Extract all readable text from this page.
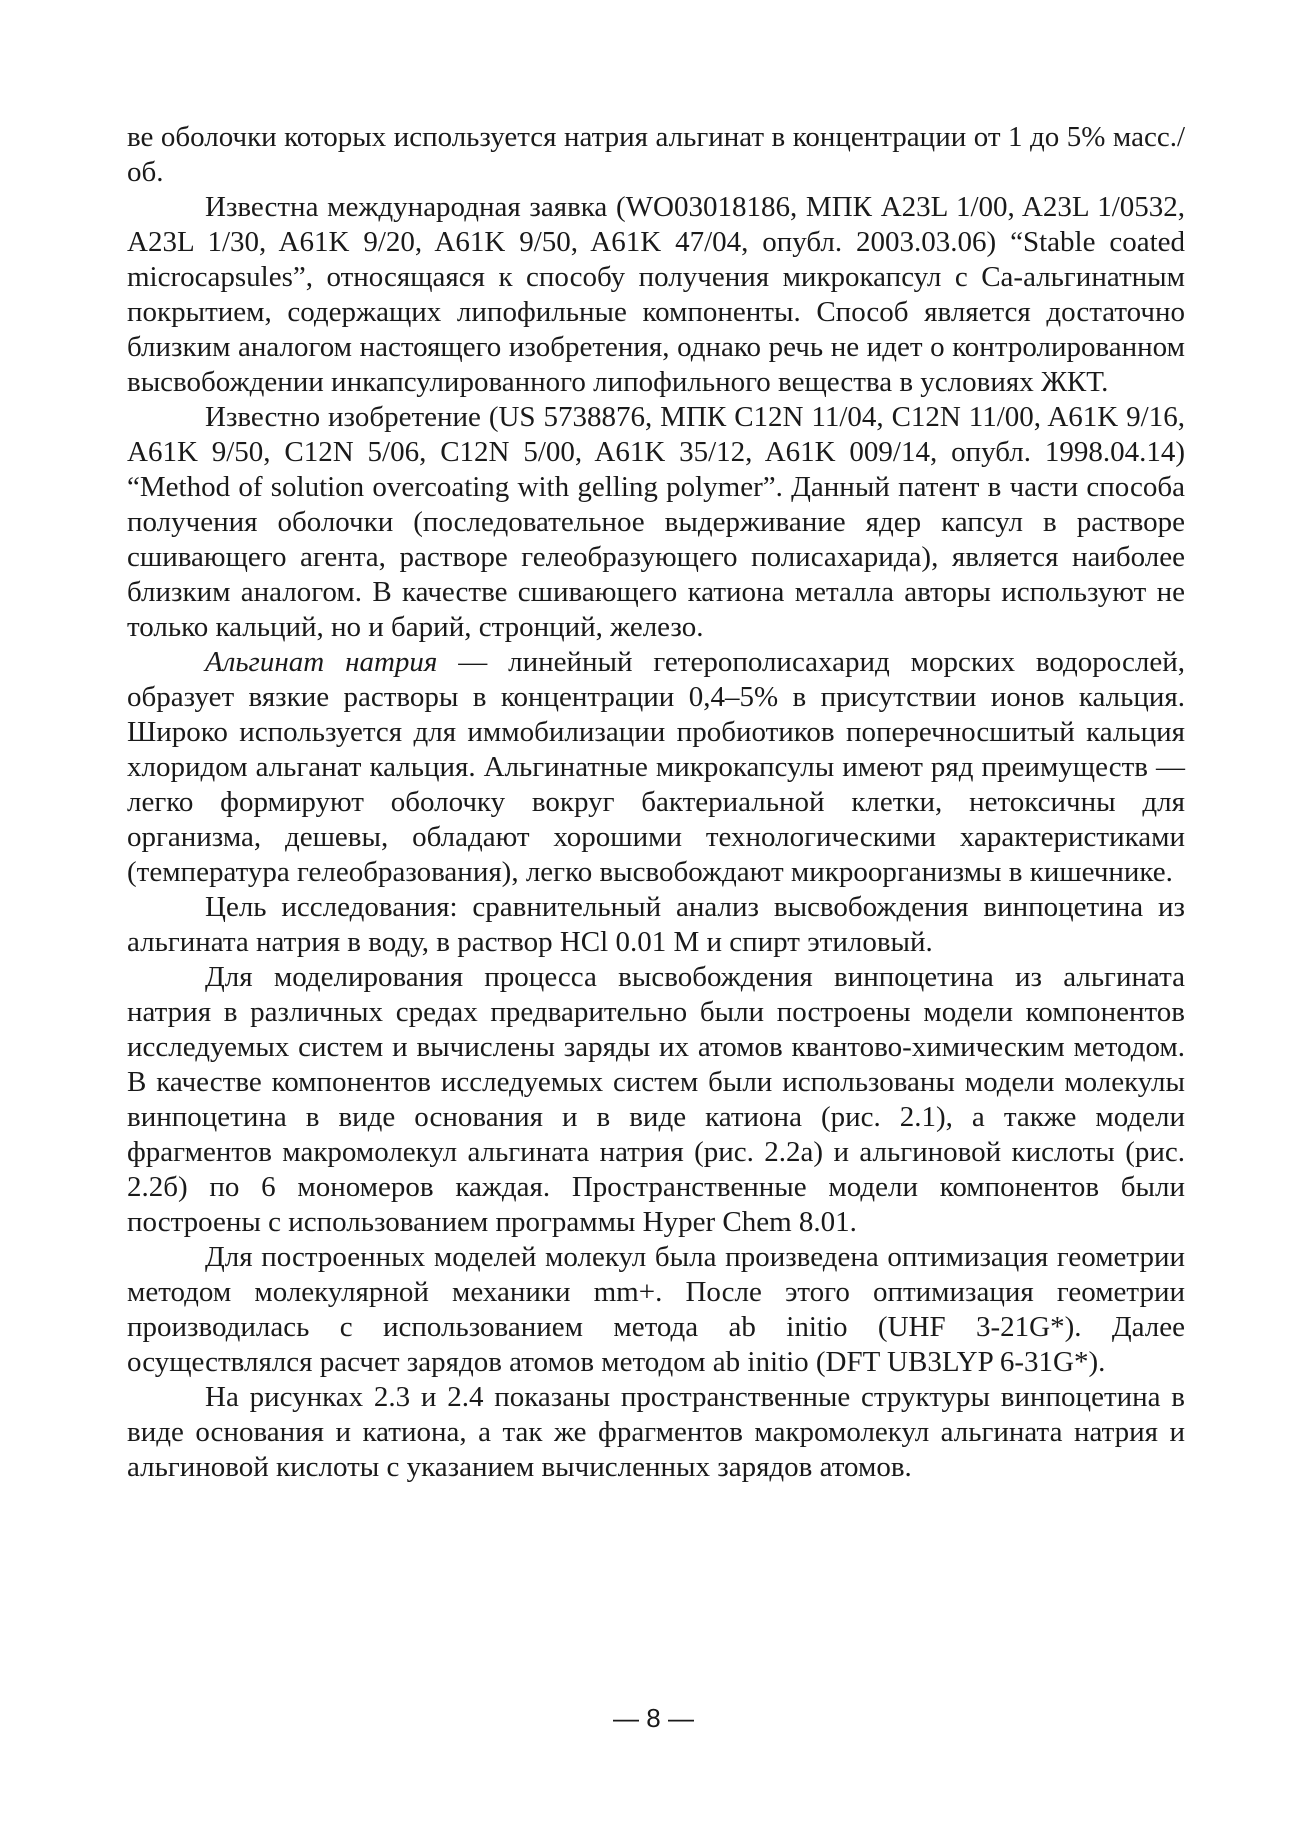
ве оболочки которых используется натрия альгинат в концентрации от 1 до 5% масс./об.

Известна международная заявка (WO03018186, МПК A23L 1/00, A23L 1/0532, A23L 1/30, A61K 9/20, A61K 9/50, A61K 47/04, опубл. 2003.03.06) “Stable coated microcapsules”, относящаяся к способу получения микрокапсул с Ca-альгинатным покрытием, содержащих липофильные компоненты. Способ является достаточно близким аналогом настоящего изобретения, однако речь не идет о контролированном высвобождении инкапсулированного липофильного вещества в условиях ЖКТ.

Известно изобретение (US 5738876, МПК C12N 11/04, C12N 11/00, A61K 9/16, A61K 9/50, C12N 5/06, C12N 5/00, A61K 35/12, A61K 009/14, опубл. 1998.04.14) “Method of solution overcoating with gelling polymer”. Данный патент в части способа получения оболочки (последовательное выдерживание ядер капсул в растворе сшивающего агента, растворе гелеобразующего полисахарида), является наиболее близким аналогом. В качестве сшивающего катиона металла авторы используют не только кальций, но и барий, стронций, железо.

Альгинат натрия — линейный гетерополисахарид морских водорослей, образует вязкие растворы в концентрации 0,4–5% в присутствии ионов кальция. Широко используется для иммобилизации пробиотиков поперечносшитый кальция хлоридом альганат кальция. Альгинатные микрокапсулы имеют ряд преимуществ — легко формируют оболочку вокруг бактериальной клетки, нетоксичны для организма, дешевы, обладают хорошими технологическими характеристиками (температура гелеобразования), легко высвобождают микроорганизмы в кишечнике.

Цель исследования: сравнительный анализ высвобождения винпоцетина из альгината натрия в воду, в раствор HCl 0.01 М и спирт этиловый.

Для моделирования процесса высвобождения винпоцетина из альгината натрия в различных средах предварительно были построены модели компонентов исследуемых систем и вычислены заряды их атомов квантово-химическим методом. В качестве компонентов исследуемых систем были использованы модели молекулы винпоцетина в виде основания и в виде катиона (рис. 2.1), а также модели фрагментов макромолекул альгината натрия (рис. 2.2а) и альгиновой кислоты (рис. 2.2б) по 6 мономеров каждая. Пространственные модели компонентов были построены с использованием программы Hyper Chem 8.01.

Для построенных моделей молекул была произведена оптимизация геометрии методом молекулярной механики mm+. После этого оптимизация геометрии производилась с использованием метода ab initio (UHF 3-21G*). Далее осуществлялся расчет зарядов атомов методом ab initio (DFT UB3LYP 6-31G*).

На рисунках 2.3 и 2.4 показаны пространственные структуры винпоцетина в виде основания и катиона, а так же фрагментов макромолекул альгината натрия и альгиновой кислоты с указанием вычисленных зарядов атомов.

— 8 —
